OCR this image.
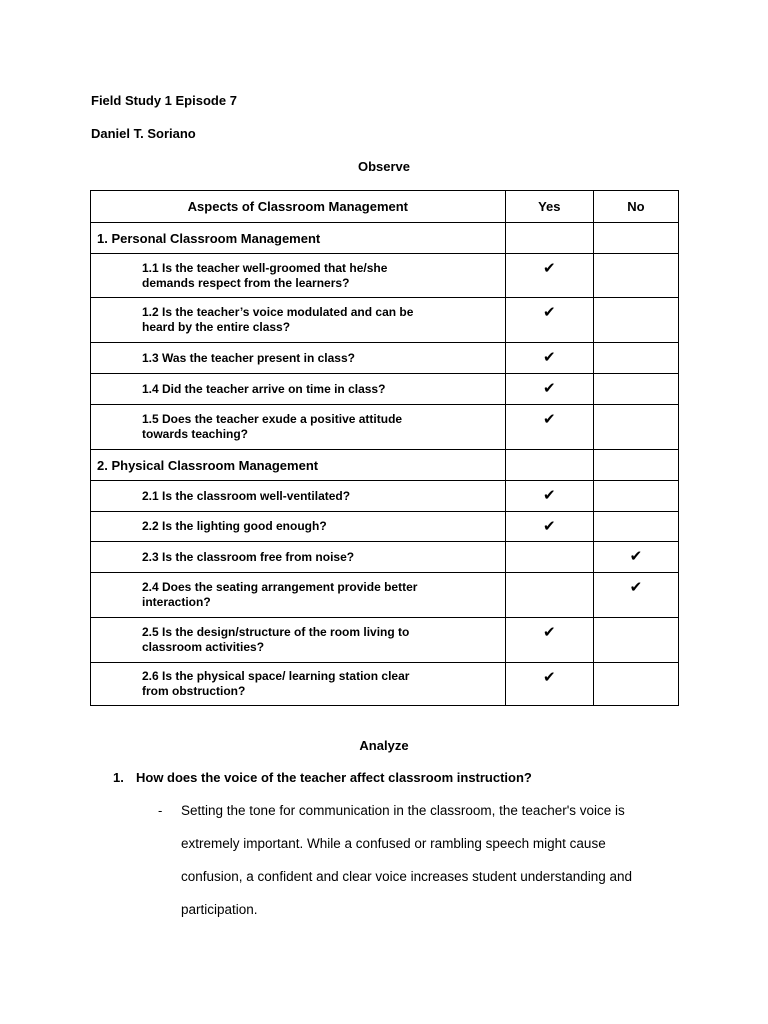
Field Study 1 Episode 7

Daniel T. Soriano

Observe

Aspects of Classroom Management	Yes	No
1. Personal Classroom Management		

1.1 Is the teacher well-groomed that he/she demands respect from the learners?	✔	

1.2 Is the teacher’s voice modulated and can be heard by the entire class?	✔	

1.3 Was the teacher present in class?	✔	

1.4 Did the teacher arrive on time in class?	✔	

1.5 Does the teacher exude a positive attitude towards teaching?	✔	
2. Physical Classroom Management		

2.1 Is the classroom well-ventilated?	✔	

2.2 Is the lighting good enough?	✔	

2.3 Is the classroom free from noise?		✔

2.4 Does the seating arrangement provide better interaction?		✔

2.5 Is the design/structure of the room living to classroom activities?	✔	

2.6 Is the physical space/ learning station clear from obstruction?	✔	

Analyze

1. How does the voice of the teacher affect classroom instruction?

- Setting the tone for communication in the classroom, the teacher's voice is extremely important. While a confused or rambling speech might cause confusion, a confident and clear voice increases student understanding and participation.
